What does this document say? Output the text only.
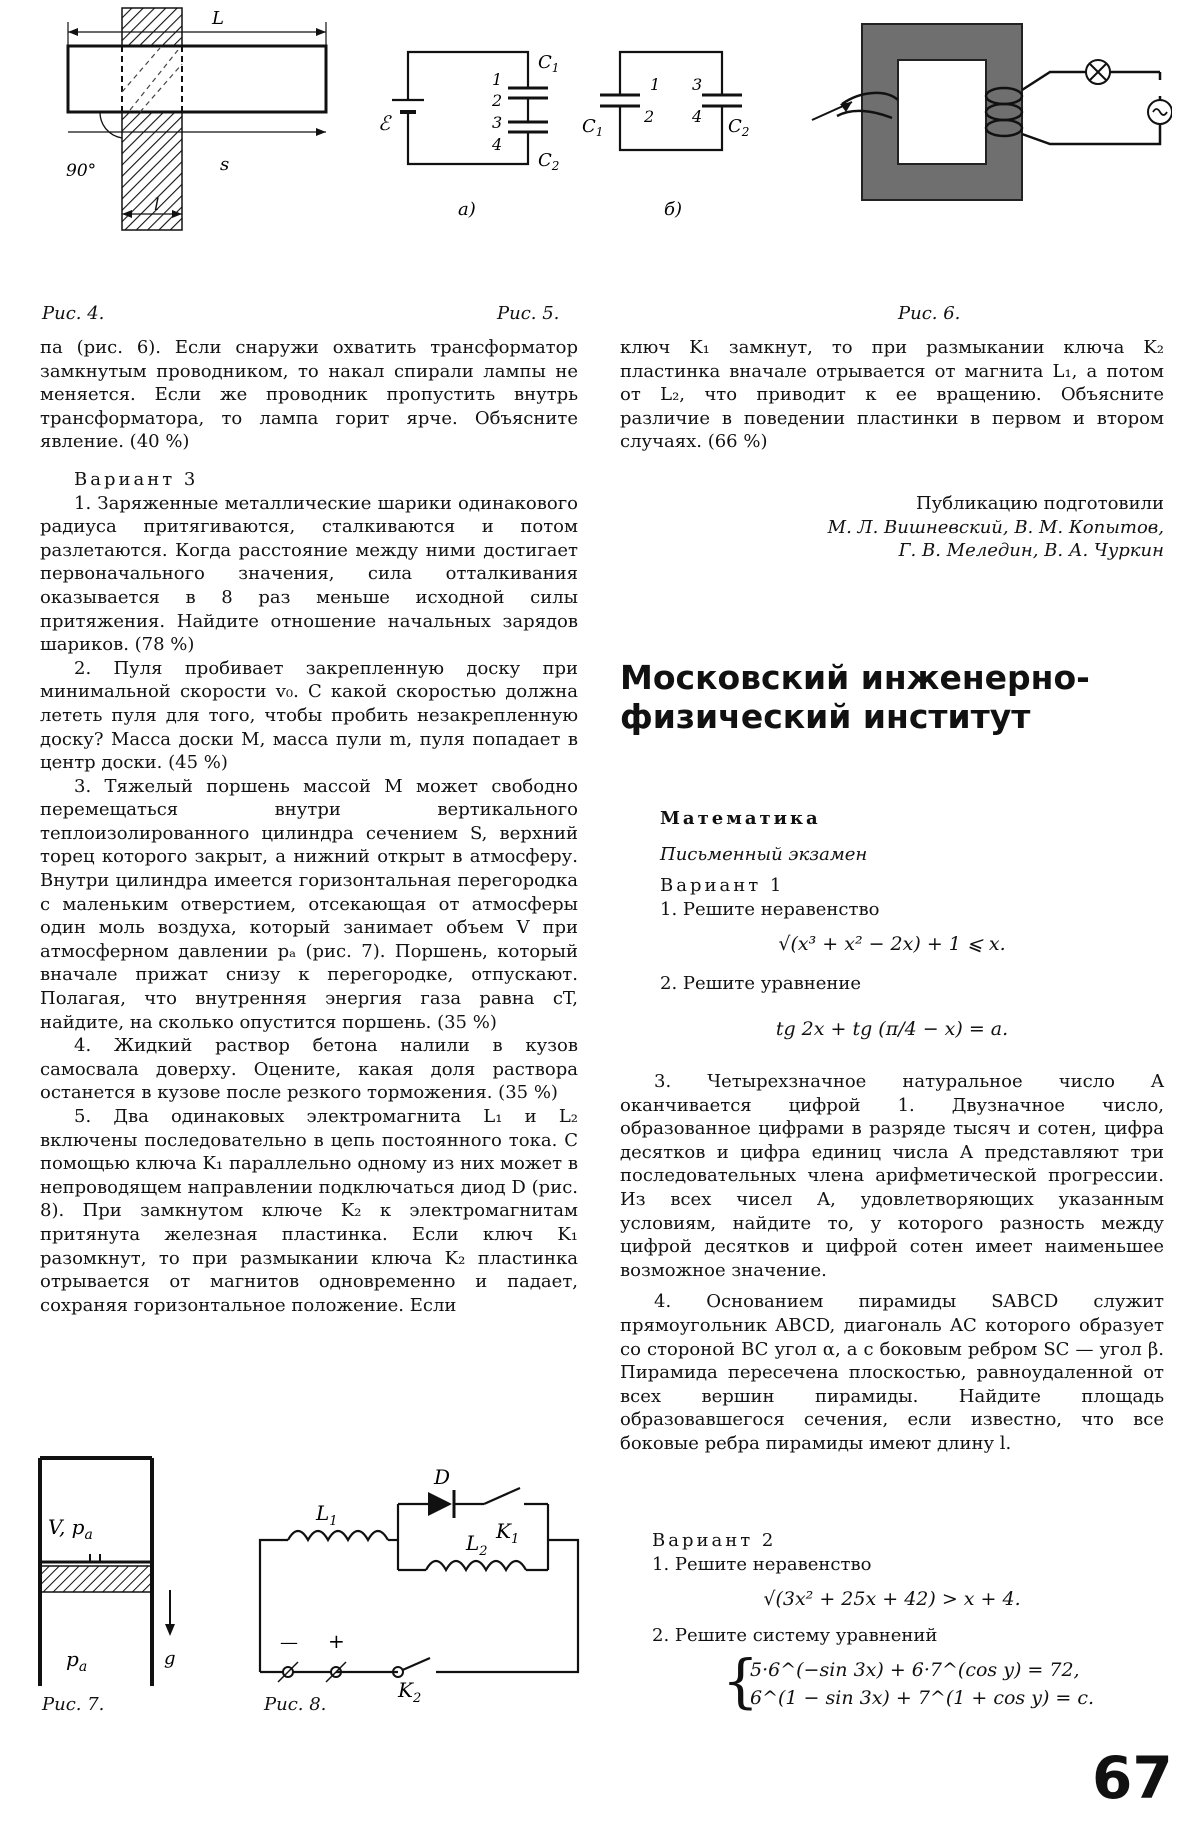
L
s
90°
l
ℰ
1
2
3
4
$C_1$
$C_2$
а)
1
2
3
4
$C_1$	$C_2$
б)
Рис. 4.	Рис. 5.	Рис. 6.

па (рис. 6). Если снаружи охватить трансформатор замкнутым проводником, то накал спирали лампы не меняется. Если же проводник пропустить внутрь трансформатора, то лампа горит ярче. Объясните явление. (40 %)

Вариант 3

1. Заряженные металлические шарики одинакового радиуса притягиваются, сталкиваются и потом разлетаются. Когда расстояние между ними достигает первоначального значения, сила отталкивания оказывается в 8 раз меньше исходной силы притяжения. Найдите отношение начальных зарядов шариков. (78 %)

2. Пуля пробивает закрепленную доску при минимальной скорости v₀. С какой скоростью должна лететь пуля для того, чтобы пробить незакрепленную доску? Масса доски M, масса пули m, пуля попадает в центр доски. (45 %)

3. Тяжелый поршень массой M может свободно перемещаться внутри вертикального теплоизолированного цилиндра сечением S, верхний торец которого закрыт, а нижний открыт в атмосферу. Внутри цилиндра имеется горизонтальная перегородка с маленьким отверстием, отсекающая от атмосферы один моль воздуха, который занимает объем V при атмосферном давлении pₐ (рис. 7). Поршень, который вначале прижат снизу к перегородке, отпускают. Полагая, что внутренняя энергия газа равна cT, найдите, на сколько опустится поршень. (35 %)

4. Жидкий раствор бетона налили в кузов самосвала доверху. Оцените, какая доля раствора останется в кузове после резкого торможения. (35 %)

5. Два одинаковых электромагнита L₁ и L₂ включены последовательно в цепь постоянного тока. С помощью ключа K₁ параллельно одному из них может в непроводящем направлении подключаться диод D (рис. 8). При замкнутом ключе K₂ к электромагнитам притянута железная пластинка. Если ключ K₁ разомкнут, то при размыкании ключа K₂ пластинка отрывается от магнитов одновременно и падает, сохраняя горизонтальное положение. Если

V, $p_a$
$p_a$	g
D
$L_1$	$K_1$
$L_2$
— +
$K_2$
Рис. 7.	Рис. 8.
ключ K₁ замкнут, то при размыкании ключа K₂ пластинка вначале отрывается от магнита L₁, а потом от L₂, что приводит к ее вращению. Объясните различие в поведении пластинки в первом и втором случаях. (66 %)

Публикацию подготовили

М. Л. Вишневский, В. М. Копытов,

Г. В. Меледин, В. А. Чуркин

Московский инженерно-физический институт
Математика
Письменный экзамен
Вариант 1
1. Решите неравенство
√(x³ + x² − 2x) + 1 ⩽ x.
2. Решите уравнение
tg 2x + tg (π/4 − x) = a.

3. Четырехзначное натуральное число A оканчивается цифрой 1. Двузначное число, образованное цифрами в разряде тысяч и сотен, цифра десятков и цифра единиц числа A представляют три последовательных члена арифметической прогрессии. Из всех чисел A, удовлетворяющих указанным условиям, найдите то, у которого разность между цифрой десятков и цифрой сотен имеет наименьшее возможное значение.

4. Основанием пирамиды SABCD служит прямоугольник ABCD, диагональ AC которого образует со стороной BC угол α, а с боковым ребром SC — угол β. Пирамида пересечена плоскостью, равноудаленной от всех вершин пирамиды. Найдите площадь образовавшегося сечения, если известно, что все боковые ребра пирамиды имеют длину l.

Вариант 2
1. Решите неравенство
√(3x² + 25x + 42) > x + 4.
2. Решите систему уравнений
{
5·6^(−sin 3x) + 6·7^(cos y) = 72,
6^(1 − sin 3x) + 7^(1 + cos y) = c.
67
